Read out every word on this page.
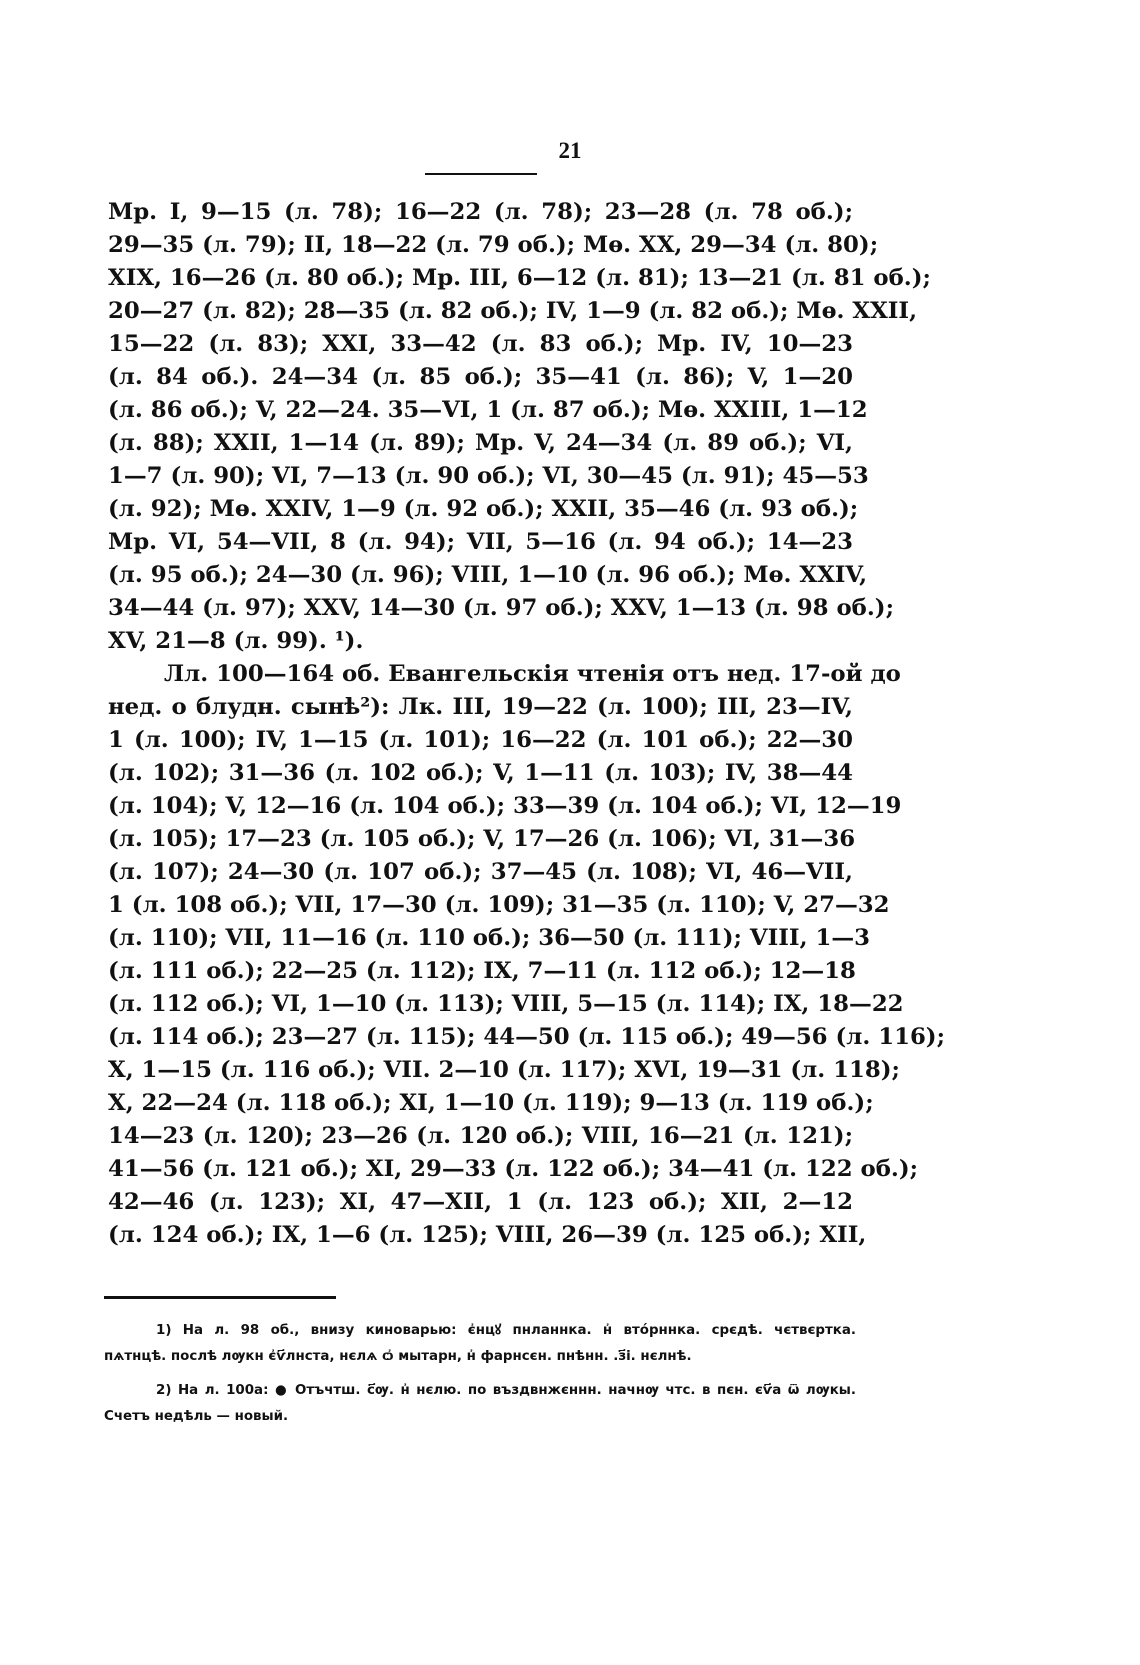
21
Мр. I, 9—15 (л. 78); 16—22 (л. 78); 23—28 (л. 78 об.);
29—35 (л. 79); II, 18—22 (л. 79 об.); Мѳ. XX, 29—34 (л. 80);
XIX, 16—26 (л. 80 об.); Мр. III, 6—12 (л. 81); 13—21 (л. 81 об.);
20—27 (л. 82); 28—35 (л. 82 об.); IV, 1—9 (л. 82 об.); Мѳ. XXII,
15—22 (л. 83); XXI, 33—42 (л. 83 об.); Мр. IV, 10—23
(л. 84 об.). 24—34 (л. 85 об.); 35—41 (л. 86); V, 1—20
(л. 86 об.); V, 22—24. 35—VI, 1 (л. 87 об.); Мѳ. XXIII, 1—12
(л. 88); XXII, 1—14 (л. 89); Мр. V, 24—34 (л. 89 об.); VI,
1—7 (л. 90); VI, 7—13 (л. 90 об.); VI, 30—45 (л. 91); 45—53
(л. 92); Мѳ. XXIV, 1—9 (л. 92 об.); XXII, 35—46 (л. 93 об.);
Мр. VI, 54—VII, 8 (л. 94); VII, 5—16 (л. 94 об.); 14—23
(л. 95 об.); 24—30 (л. 96); VIII, 1—10 (л. 96 об.); Мѳ. XXIV,
34—44 (л. 97); XXV, 14—30 (л. 97 об.); XXV, 1—13 (л. 98 об.);
XV, 21—8 (л. 99). ¹).
Лл. 100—164 об. Евангельскія чтенія отъ нед. 17-ой до
нед. о блудн. сынѣ²): Лк. III, 19—22 (л. 100); III, 23—IV,
1 (л. 100); IV, 1—15 (л. 101); 16—22 (л. 101 об.); 22—30
(л. 102); 31—36 (л. 102 об.); V, 1—11 (л. 103); IV, 38—44
(л. 104); V, 12—16 (л. 104 об.); 33—39 (л. 104 об.); VI, 12—19
(л. 105); 17—23 (л. 105 об.); V, 17—26 (л. 106); VI, 31—36
(л. 107); 24—30 (л. 107 об.); 37—45 (л. 108); VI, 46—VII,
1 (л. 108 об.); VII, 17—30 (л. 109); 31—35 (л. 110); V, 27—32
(л. 110); VII, 11—16 (л. 110 об.); 36—50 (л. 111); VIII, 1—3
(л. 111 об.); 22—25 (л. 112); IX, 7—11 (л. 112 об.); 12—18
(л. 112 об.); VI, 1—10 (л. 113); VIII, 5—15 (л. 114); IX, 18—22
(л. 114 об.); 23—27 (л. 115); 44—50 (л. 115 об.); 49—56 (л. 116);
X, 1—15 (л. 116 об.); VII. 2—10 (л. 117); XVI, 19—31 (л. 118);
X, 22—24 (л. 118 об.); XI, 1—10 (л. 119); 9—13 (л. 119 об.);
14—23 (л. 120); 23—26 (л. 120 об.); VIII, 16—21 (л. 121);
41—56 (л. 121 об.); XI, 29—33 (л. 122 об.); 34—41 (л. 122 об.);
42—46 (л. 123); XI, 47—XII, 1 (л. 123 об.); XII, 2—12
(л. 124 об.); IX, 1—6 (л. 125); VIII, 26—39 (л. 125 об.); XII,
1) На л. 98 об., внизу киноварью: є҆нцꙋ пнланнка. н҆ вто́рннка. срєдѣ. чєтвєрткa.
пѧтнцѣ. послѣ лѹкн є҆ѵ҃лнста, нєлѧ ѻ҆ мытарн, н҆ фарнсєн. пнѣнн. .з҃і. нєлнѣ.
2) На л. 100а: ● Отъчтш. с҃ѹ. н҆ нєлю. по въздвнжєннн. начнѹ чтс. в пєн. єѵ҃а ѿ лѹкы.
Счетъ недѣль — новый.
